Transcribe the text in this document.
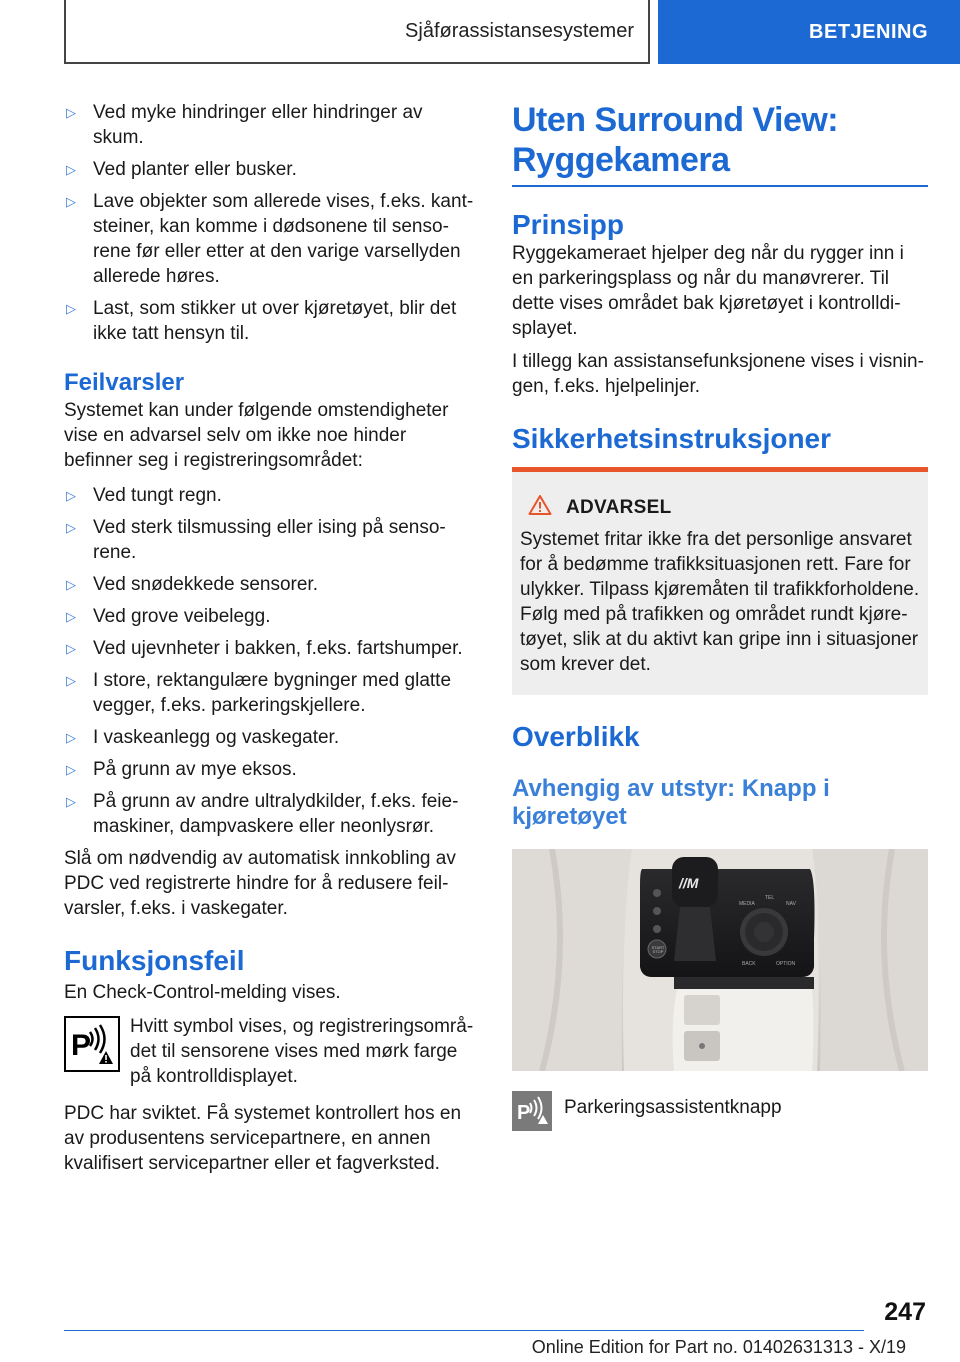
Sjåførassistansesystemer	BETJENING
▷ Ved myke hindringer eller hindringer av skum.
▷ Ved planter eller busker.
▷ Lave objekter som allerede vises, f.eks. kantsteiner, kan komme i dødsonene til sensorene før eller etter at den varige varsellyden allerede høres.
▷ Last, som stikker ut over kjøretøyet, blir det ikke tatt hensyn til.
Feilvarsler
Systemet kan under følgende omstendigheter vise en advarsel selv om ikke noe hinder befinner seg i registreringsområdet:
▷ Ved tungt regn.
▷ Ved sterk tilsmussing eller ising på sensorene.
▷ Ved snødekkede sensorer.
▷ Ved grove veibelegg.
▷ Ved ujevnheter i bakken, f.eks. fartshumper.
▷ I store, rektangulære bygninger med glatte vegger, f.eks. parkeringskjellere.
▷ I vaskeanlegg og vaskegater.
▷ På grunn av mye eksos.
▷ På grunn av andre ultralydkilder, f.eks. feiemaskiner, dampvaskere eller neonlysrør.
Slå om nødvendig av automatisk innkobling av PDC ved registrerte hindre for å redusere feilvarsler, f.eks. i vaskegater.
Funksjonsfeil
En Check-Control-melding vises.
P
Hvitt symbol vises, og registreringsområdet til sensorene vises med mørk farge på kontrolldisplayet.
PDC har sviktet. Få systemet kontrollert hos en av produsentens servicepartnere, en annen kvalifisert servicepartner eller et fagverksted.
Uten Surround View: Ryggekamera
Prinsipp
Ryggekameraet hjelper deg når du rygger inn i en parkeringsplass og når du manøvrerer. Til dette vises området bak kjøretøyet i kontrolldisplayet.
I tillegg kan assistansefunksjonene vises i visningen, f.eks. hjelpelinjer.
Sikkerhetsinstruksjoner
ADVARSEL
Systemet fritar ikke fra det personlige ansvaret for å bedømme trafikksituasjonen rett. Fare for ulykker. Tilpass kjøremåten til trafikkforholdene. Følg med på trafikken og området rundt kjøretøyet, slik at du aktivt kan gripe inn i situasjoner som krever det.
Overblikk
Avhengig av utstyr: Knapp i kjøretøyet
//M
MEDIA
TEL
NAV
BACK	OPTION
START STOP
P Parkeringsassistentknapp
247
Online Edition for Part no. 01402631313 - X/19
